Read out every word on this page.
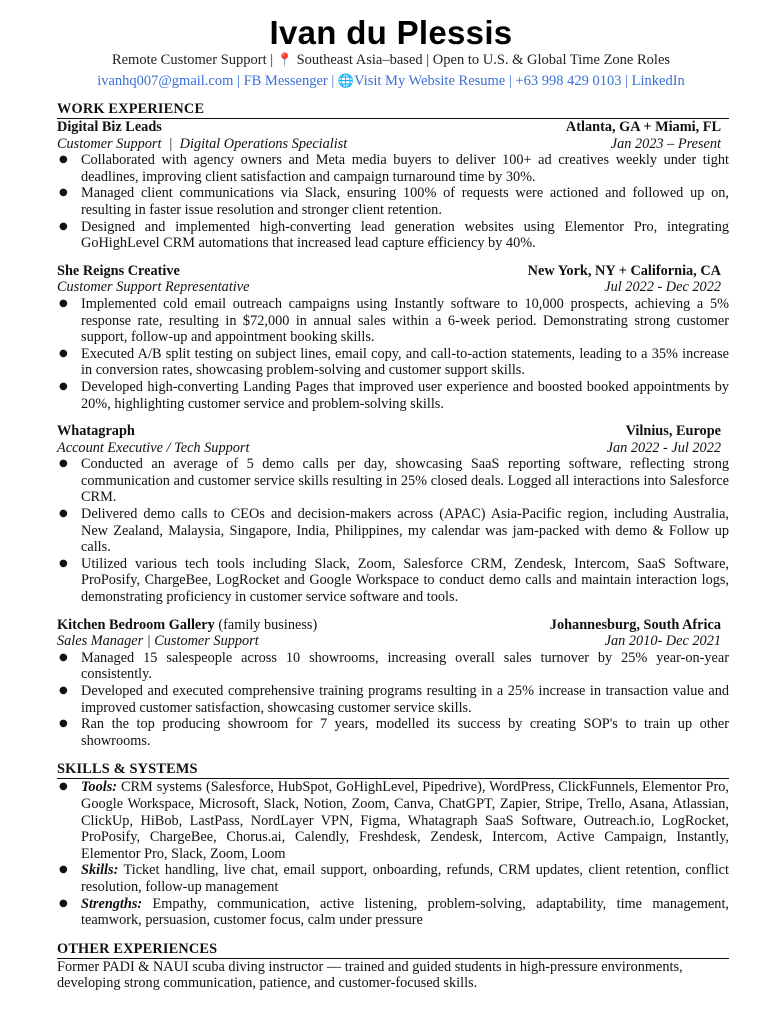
Ivan du Plessis
Remote Customer Support | 📍 Southeast Asia–based | Open to U.S. & Global Time Zone Roles
ivanhq007@gmail.com | FB Messenger | 🌐Visit My Website Resume | +63 998 429 0103 | LinkedIn
WORK EXPERIENCE
Digital Biz Leads	Atlanta, GA + Miami, FL
Customer Support  |  Digital Operations Specialist	Jan 2023 – Present
● Collaborated with agency owners and Meta media buyers to deliver 100+ ad creatives weekly under tight deadlines, improving client satisfaction and campaign turnaround time by 30%.
● Managed client communications via Slack, ensuring 100% of requests were actioned and followed up on, resulting in faster issue resolution and stronger client retention.
● Designed and implemented high-converting lead generation websites using Elementor Pro, integrating GoHighLevel CRM automations that increased lead capture efficiency by 40%.
She Reigns Creative	New York, NY + California, CA
Customer Support Representative	Jul 2022 - Dec 2022
● Implemented cold email outreach campaigns using Instantly software to 10,000 prospects, achieving a 5% response rate, resulting in $72,000 in annual sales within a 6-week period. Demonstrating strong customer support, follow-up and appointment booking skills.
● Executed A/B split testing on subject lines, email copy, and call-to-action statements, leading to a 35% increase in conversion rates, showcasing problem-solving and customer support skills.
● Developed high-converting Landing Pages that improved user experience and boosted booked appointments by 20%, highlighting customer service and problem-solving skills.
Whatagraph	Vilnius, Europe
Account Executive / Tech Support	Jan 2022 - Jul 2022
● Conducted an average of 5 demo calls per day, showcasing SaaS reporting software, reflecting strong communication and customer service skills resulting in 25% closed deals. Logged all interactions into Salesforce CRM.
● Delivered demo calls to CEOs and decision-makers across (APAC) Asia-Pacific region, including Australia, New Zealand, Malaysia, Singapore, India, Philippines, my calendar was jam-packed with demo & Follow up calls.
● Utilized various tech tools including Slack, Zoom, Salesforce CRM, Zendesk, Intercom, SaaS Software, ProPosify, ChargeBee, LogRocket and Google Workspace to conduct demo calls and maintain interaction logs, demonstrating proficiency in customer service software and tools.
Kitchen Bedroom Gallery (family business)	Johannesburg, South Africa
Sales Manager | Customer Support	Jan 2010- Dec 2021
● Managed 15 salespeople across 10 showrooms, increasing overall sales turnover by 25% year-on-year consistently.
● Developed and executed comprehensive training programs resulting in a 25% increase in transaction value and improved customer satisfaction, showcasing customer service skills.
● Ran the top producing showroom for 7 years, modelled its success by creating SOP's to train up other showrooms.
SKILLS & SYSTEMS
● Tools: CRM systems (Salesforce, HubSpot, GoHighLevel, Pipedrive), WordPress, ClickFunnels, Elementor Pro, Google Workspace, Microsoft, Slack, Notion, Zoom, Canva, ChatGPT, Zapier, Stripe, Trello, Asana, Atlassian, ClickUp, HiBob, LastPass, NordLayer VPN, Figma, Whatagraph SaaS Software, Outreach.io, LogRocket, ProPosify, ChargeBee, Chorus.ai, Calendly, Freshdesk, Zendesk, Intercom, Active Campaign, Instantly, Elementor Pro, Slack, Zoom, Loom
● Skills: Ticket handling, live chat, email support, onboarding, refunds, CRM updates, client retention, conflict resolution, follow-up management
● Strengths: Empathy, communication, active listening, problem-solving, adaptability, time management, teamwork, persuasion, customer focus, calm under pressure
OTHER EXPERIENCES
Former PADI & NAUI scuba diving instructor — trained and guided students in high-pressure environments, developing strong communication, patience, and customer-focused skills.
